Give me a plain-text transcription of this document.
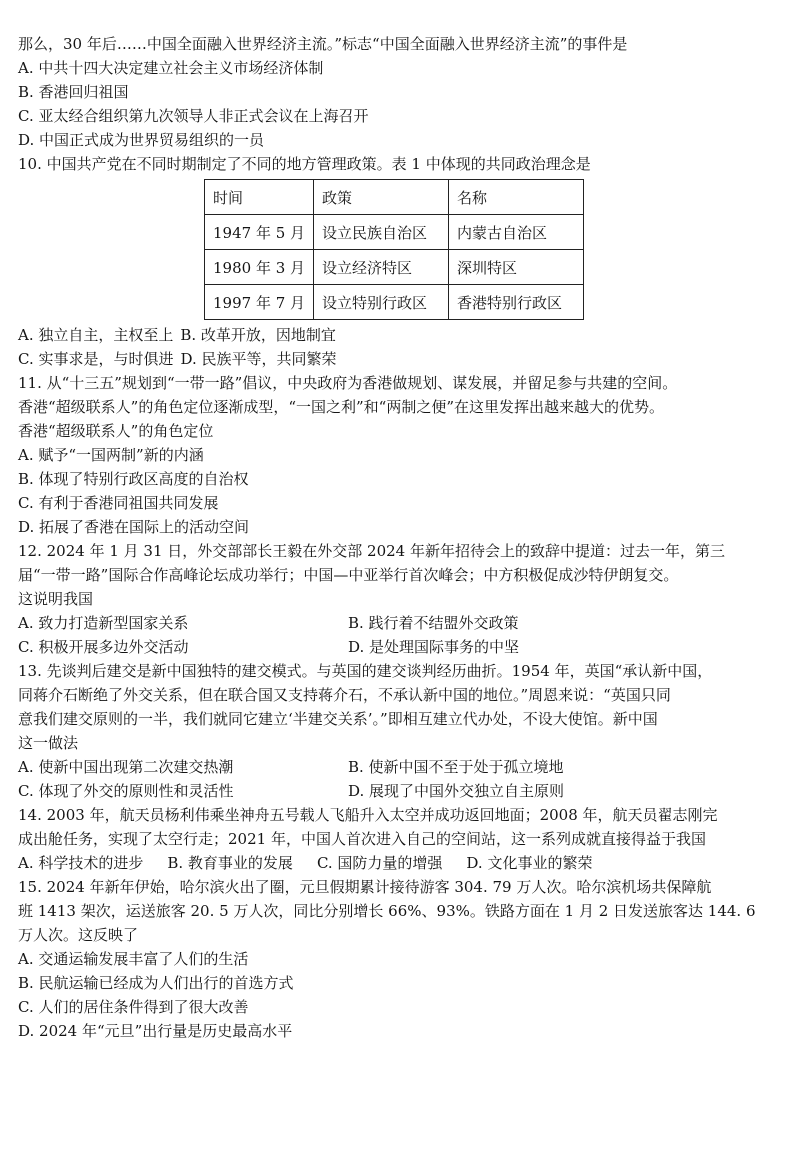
那么，30 年后……中国全面融入世界经济主流。”标志“中国全面融入世界经济主流”的事件是
A. 中共十四大决定建立社会主义市场经济体制
B. 香港回归祖国
C. 亚太经合组织第九次领导人非正式会议在上海召开
D. 中国正式成为世界贸易组织的一员
10. 中国共产党在不同时期制定了不同的地方管理政策。表 1 中体现的共同政治理念是
时间	政策	名称
1947 年 5 月	设立民族自治区	内蒙古自治区
1980 年 3 月	设立经济特区	深圳特区
1997 年 7 月	设立特别行政区	香港特别行政区
A. 独立自主，主权至上 B. 改革开放，因地制宜
C. 实事求是，与时俱进 D. 民族平等，共同繁荣
11. 从“十三五”规划到“一带一路”倡议，中央政府为香港做规划、谋发展，并留足参与共建的空间。
香港“超级联系人”的角色定位逐渐成型，“一国之利”和“两制之便”在这里发挥出越来越大的优势。
香港“超级联系人”的角色定位
A. 赋予“一国两制”新的内涵
B. 体现了特别行政区高度的自治权
C. 有利于香港同祖国共同发展
D. 拓展了香港在国际上的活动空间
12. 2024 年 1 月 31 日，外交部部长王毅在外交部 2024 年新年招待会上的致辞中提道：过去一年，第三
届“一带一路”国际合作高峰论坛成功举行；中国—中亚举行首次峰会；中方积极促成沙特伊朗复交。
这说明我国
A. 致力打造新型国家关系	B. 践行着不结盟外交政策
C. 积极开展多边外交活动	D. 是处理国际事务的中坚
13. 先谈判后建交是新中国独特的建交模式。与英国的建交谈判经历曲折。1954 年，英国“承认新中国，
同蒋介石断绝了外交关系，但在联合国又支持蒋介石，不承认新中国的地位。”周恩来说：“英国只同
意我们建交原则的一半，我们就同它建立‘半建交关系’。”即相互建立代办处，不设大使馆。新中国
这一做法
A. 使新中国出现第二次建交热潮	B. 使新中国不至于处于孤立境地
C. 体现了外交的原则性和灵活性	D. 展现了中国外交独立自主原则
14. 2003 年，航天员杨利伟乘坐神舟五号载人飞船升入太空并成功返回地面；2008 年，航天员翟志刚完
成出舱任务，实现了太空行走；2021 年，中国人首次进入自己的空间站，这一系列成就直接得益于我国
A. 科学技术的进步 B. 教育事业的发展 C. 国防力量的增强 D. 文化事业的繁荣
15. 2024 年新年伊始，哈尔滨火出了圈，元旦假期累计接待游客 304. 79 万人次。哈尔滨机场共保障航
班 1413 架次，运送旅客 20. 5 万人次，同比分别增长 66%、93%。铁路方面在 1 月 2 日发送旅客达 144. 6
万人次。这反映了
A. 交通运输发展丰富了人们的生活
B. 民航运输已经成为人们出行的首选方式
C. 人们的居住条件得到了很大改善
D. 2024 年“元旦”出行量是历史最高水平
